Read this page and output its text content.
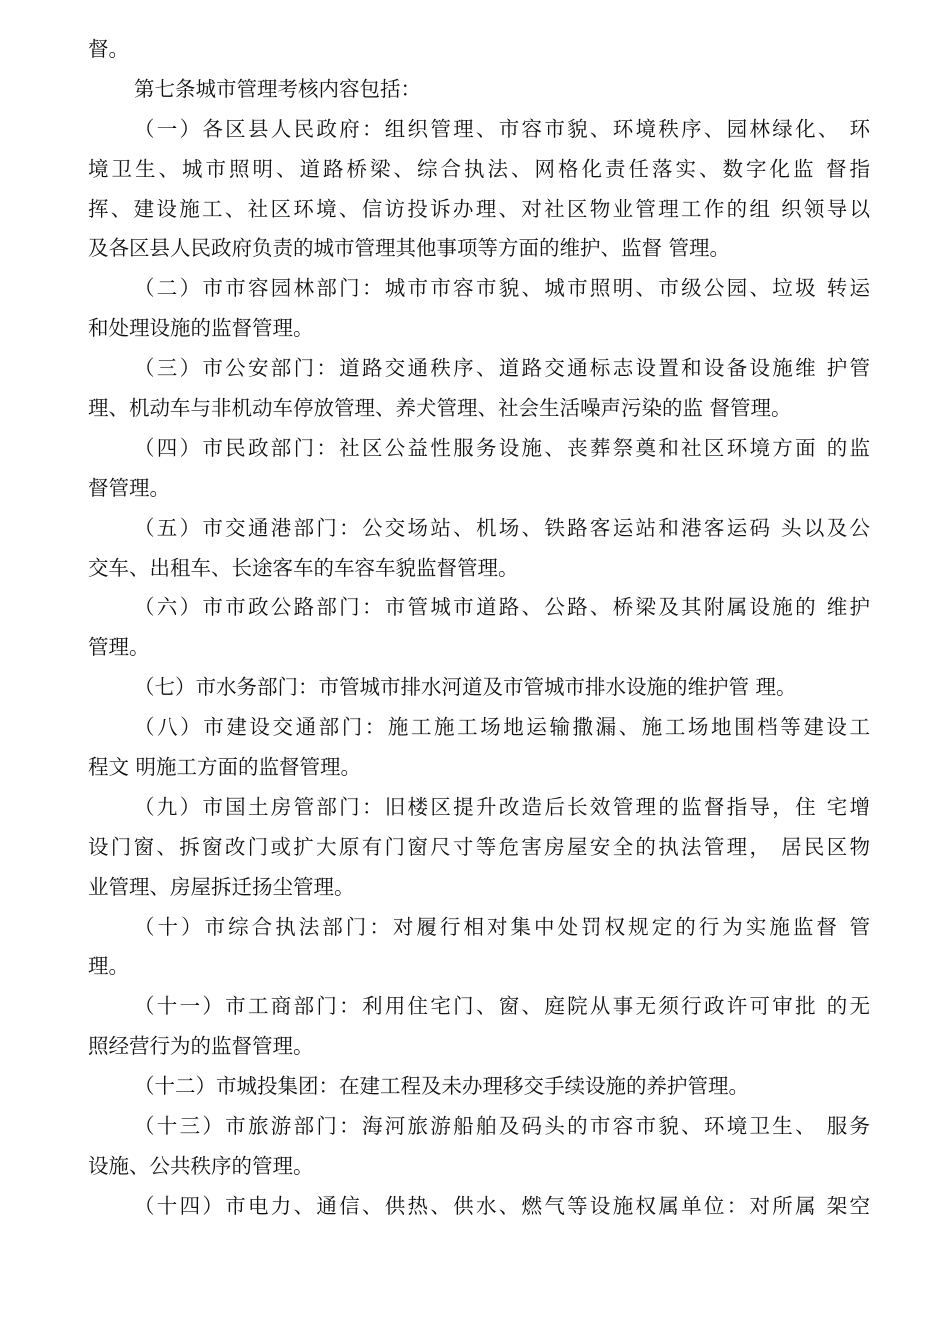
督。
第七条城市管理考核内容包括：
（一）各区县人民政府：组织管理、市容市貌、环境秩序、园林绿化、 环
境卫生、城市照明、道路桥梁、综合执法、网格化责任落实、数字化监 督指
挥、建设施工、社区环境、信访投诉办理、对社区物业管理工作的组 织领导以
及各区县人民政府负责的城市管理其他事项等方面的维护、监督 管理。
（二）市市容园林部门：城市市容市貌、城市照明、市级公园、垃圾 转运
和处理设施的监督管理。
（三）市公安部门：道路交通秩序、道路交通标志设置和设备设施维 护管
理、机动车与非机动车停放管理、养犬管理、社会生活噪声污染的监 督管理。
（四）市民政部门：社区公益性服务设施、丧葬祭奠和社区环境方面 的监
督管理。
（五）市交通港部门：公交场站、机场、铁路客运站和港客运码 头以及公
交车、出租车、长途客车的车容车貌监督管理。
（六）市市政公路部门：市管城市道路、公路、桥梁及其附属设施的 维护
管理。
（七）市水务部门：市管城市排水河道及市管城市排水设施的维护管 理。
（八）市建设交通部门：施工施工场地运输撒漏、施工场地围档等建设工
程文 明施工方面的监督管理。
（九）市国土房管部门：旧楼区提升改造后长效管理的监督指导，住 宅增
设门窗、拆窗改门或扩大原有门窗尺寸等危害房屋安全的执法管理， 居民区物
业管理、房屋拆迁扬尘管理。
（十）市综合执法部门：对履行相对集中处罚权规定的行为实施监督 管
理。
（十一）市工商部门：利用住宅门、窗、庭院从事无须行政许可审批 的无
照经营行为的监督管理。
（十二）市城投集团：在建工程及未办理移交手续设施的养护管理。
（十三）市旅游部门：海河旅游船舶及码头的市容市貌、环境卫生、 服务
设施、公共秩序的管理。
（十四）市电力、通信、供热、供水、燃气等设施权属单位：对所属 架空
